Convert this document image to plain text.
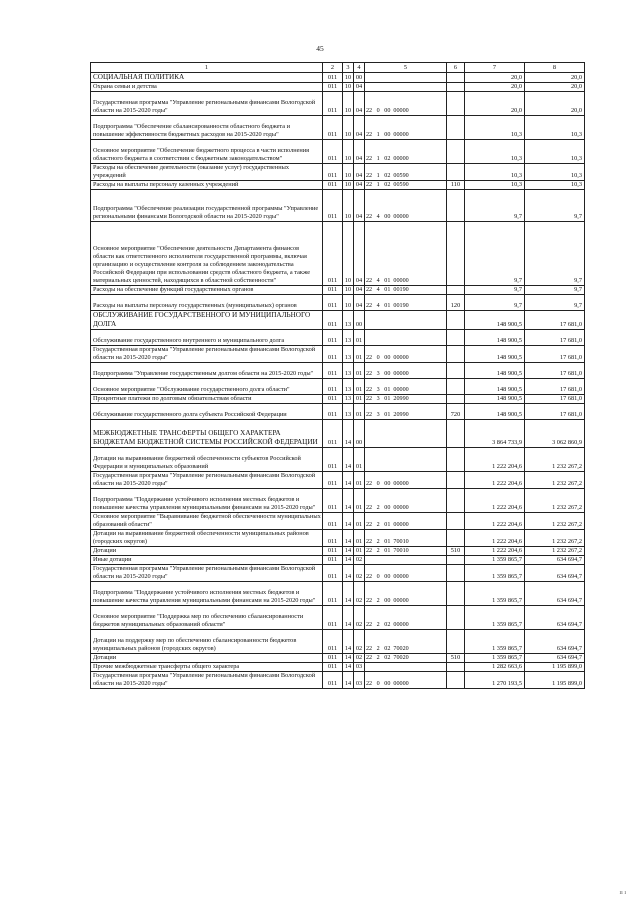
45
1	2	3	4	5	6	7	8
СОЦИАЛЬНАЯ ПОЛИТИКА	011	10	00			20,0	20,0
Охрана семьи и детства	011	10	04			20,0	20,0
Государственная программа "Управление региональными финансами Вологодской области на 2015-2020 годы"	011	10	04	22   0   00  00000		20,0	20,0
Подпрограмма "Обеспечение сбалансированности областного бюджета и повышение эффективности бюджетных расходов на 2015-2020 годы"	011	10	04	22   1   00  00000		10,3	10,3
Основное мероприятие "Обеспечение бюджетного процесса в части исполнения областного бюджета в соответствии с бюджетным законодательством"	011	10	04	22   1   02  00000		10,3	10,3
Расходы на обеспечение деятельности (оказание услуг) государственных учреждений	011	10	04	22   1   02  00590		10,3	10,3
Расходы на выплаты персоналу казенных учреждений	011	10	04	22   1   02  00590	110	10,3	10,3
Подпрограмма "Обеспечение реализации государственной программы "Управление региональными финансами Вологодской области на 2015-2020 годы"	011	10	04	22   4   00  00000		9,7	9,7
Основное мероприятие "Обеспечение деятельности Департамента финансов области как ответственного исполнителя государственной программы, включая организацию и осуществление контроля за соблюдением законодательства Российской Федерации при использовании средств областного бюджета, а также материальных ценностей, находящихся в областной собственности"	011	10	04	22   4   01  00000		9,7	9,7
Расходы на обеспечение функций государственных органов	011	10	04	22   4   01  00190		9,7	9,7
Расходы на выплаты персоналу государственных (муниципальных) органов	011	10	04	22   4   01  00190	120	9,7	9,7
ОБСЛУЖИВАНИЕ ГОСУДАРСТВЕННОГО И МУНИЦИПАЛЬНОГО ДОЛГА	011	13	00			148 900,5	17 681,0
Обслуживание государственного внутреннего и муниципального долга	011	13	01			148 900,5	17 681,0
Государственная программа "Управление региональными финансами Вологодской области на 2015-2020 годы"	011	13	01	22   0   00  00000		148 900,5	17 681,0
Подпрограмма "Управление государственным долгом области на 2015-2020 годы"	011	13	01	22   3   00  00000		148 900,5	17 681,0
Основное мероприятие "Обслуживание государственного долга области"	011	13	01	22   3   01  00000		148 900,5	17 681,0
Процентные платежи по долговым обязательствам области	011	13	01	22   3   01  20990		148 900,5	17 681,0
Обслуживание государственного долга субъекта Российской Федерации	011	13	01	22   3   01  20990	720	148 900,5	17 681,0
МЕЖБЮДЖЕТНЫЕ ТРАНСФЕРТЫ ОБЩЕГО ХАРАКТЕРА БЮДЖЕТАМ БЮДЖЕТНОЙ СИСТЕМЫ РОССИЙСКОЙ ФЕДЕРАЦИИ	011	14	00			3 864 733,9	3 062 860,9
Дотации на выравнивание бюджетной обеспеченности субъектов Российской Федерации и муниципальных образований	011	14	01			1 222 204,6	1 232 267,2
Государственная программа "Управление региональными финансами Вологодской области на 2015-2020 годы"	011	14	01	22   0   00  00000		1 222 204,6	1 232 267,2
Подпрограмма "Поддержание устойчивого исполнения местных бюджетов и повышение качества управления муниципальными финансами на 2015-2020 годы"	011	14	01	22   2   00  00000		1 222 204,6	1 232 267,2
Основное мероприятие "Выравнивание бюджетной обеспеченности муниципальных образований области"	011	14	01	22   2   01  00000		1 222 204,6	1 232 267,2
Дотации на выравнивание бюджетной обеспеченности муниципальных районов (городских округов)	011	14	01	22   2   01  70010		1 222 204,6	1 232 267,2
Дотации	011	14	01	22   2   01  70010	510	1 222 204,6	1 232 267,2
Иные дотации	011	14	02			1 359 865,7	634 694,7
Государственная программа "Управление региональными финансами Вологодской области на 2015-2020 годы"	011	14	02	22   0   00  00000		1 359 865,7	634 694,7
Подпрограмма "Поддержание устойчивого исполнения местных бюджетов и повышение качества управления муниципальными финансами на 2015-2020 годы"	011	14	02	22   2   00  00000		1 359 865,7	634 694,7
Основное мероприятие "Поддержка мер по обеспечению сбалансированности бюджетов муниципальных образований области"	011	14	02	22   2   02  00000		1 359 865,7	634 694,7
Дотации на поддержку мер по обеспечению сбалансированности бюджетов муниципальных районов (городских округов)	011	14	02	22   2   02  70020		1 359 865,7	634 694,7
Дотации	011	14	02	22   2   02  70020	510	1 359 865,7	634 694,7
Прочие межбюджетные трансферты общего характера	011	14	03			1 282 663,6	1 195 899,0
Государственная программа "Управление региональными финансами Вологодской области на 2015-2020 годы"	011	14	03	22   0   00  00000		1 270 193,5	1 195 899,0
ıı ı
